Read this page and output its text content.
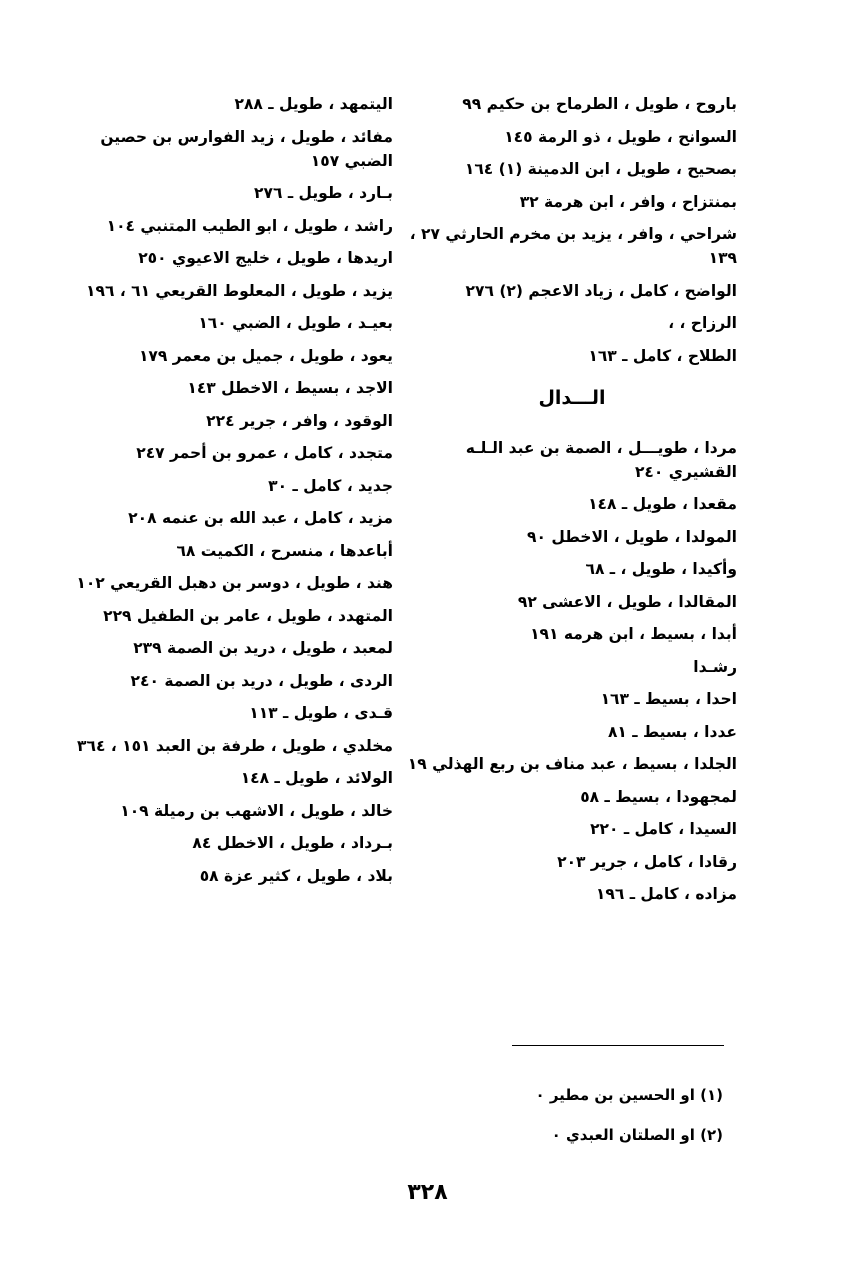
باروح ، طويل ، الطرماح بن حكيم ٩٩
السوانح ، طويل ، ذو الرمة ١٤٥
بصحيح ، طويل ، ابن الدمينة (١) ١٦٤
بمنتزاح ، وافر ، ابن هرمة ٣٢
شراحي ، وافر ، يزيد بن مخرم الحارثي ٢٧ ، ١٣٩
الواضح ، كامل ، زياد الاعجم (٢) ٢٧٦
الرزاح ، ،
الطلاح ، كامل ـ ١٦٣
الـــدال
مردا ، طويـــل ، الصمة بن عبد الـلـه القشيري ٢٤٠
مقعدا ، طويل ـ ١٤٨
المولدا ، طويل ، الاخطل ٩٠
وأكيدا ، طويل ، ـ ٦٨
المقالدا ، طويل ، الاعشى ٩٢
أبدا ، بسيط ، ابن هرمه ١٩١
رشـدا
احدا ، بسيط ـ ١٦٣
عددا ، بسيط ـ ٨١
الجلدا ، بسيط ، عبد مناف بن ربع الهذلي ١٩
لمجهودا ، بسيط ـ ٥٨
السيدا ، كامل ـ ٢٢٠
رقادا ، كامل ، جرير ٢٠٣
مزاده ، كامل ـ ١٩٦
اليتمهد ، طويل ـ ٢٨٨
مفائد ، طويل ، زيد الفوارس بن حصين الضبي ١٥٧
بـارد ، طويل ـ ٢٧٦
راشد ، طويل ، ابو الطيب المتنبي ١٠٤
اريدها ، طويل ، خليج الاعيوي ٢٥٠
يزيد ، طويل ، المعلوط القريعي ٦١ ، ١٩٦
بعيـد ، طويل ، الضبي ١٦٠
يعود ، طويل ، جميل بن معمر ١٧٩
الاجد ، بسيط ، الاخطل ١٤٣
الوقود ، وافر ، جرير ٢٢٤
متجدد ، كامل ، عمرو بن أحمر ٢٤٧
جديد ، كامل ـ ٣٠
مزيد ، كامل ، عبد الله بن عنمه ٢٠٨
أباعدها ، منسرح ، الكميت ٦٨
هند ، طويل ، دوسر بن دهبل القريعي ١٠٢
المتهدد ، طويل ، عامر بن الطفيل ٢٢٩
لمعبد ، طويل ، دريد بن الصمة ٢٣٩
الردى ، طويل ، دريد بن الصمة ٢٤٠
قـدى ، طويل ـ ١١٣
مخلدي ، طويل ، طرفة بن العبد ١٥١ ، ٣٦٤
الولائد ، طويل ـ ١٤٨
خالد ، طويل ، الاشهب بن رميلة ١٠٩
بـرداد ، طويل ، الاخطل ٨٤
بلاد ، طويل ، كثير عزة ٥٨
(١) او الحسين بن مطير ٠
(٢) او الصلتان العبدي ٠
٣٢٨
